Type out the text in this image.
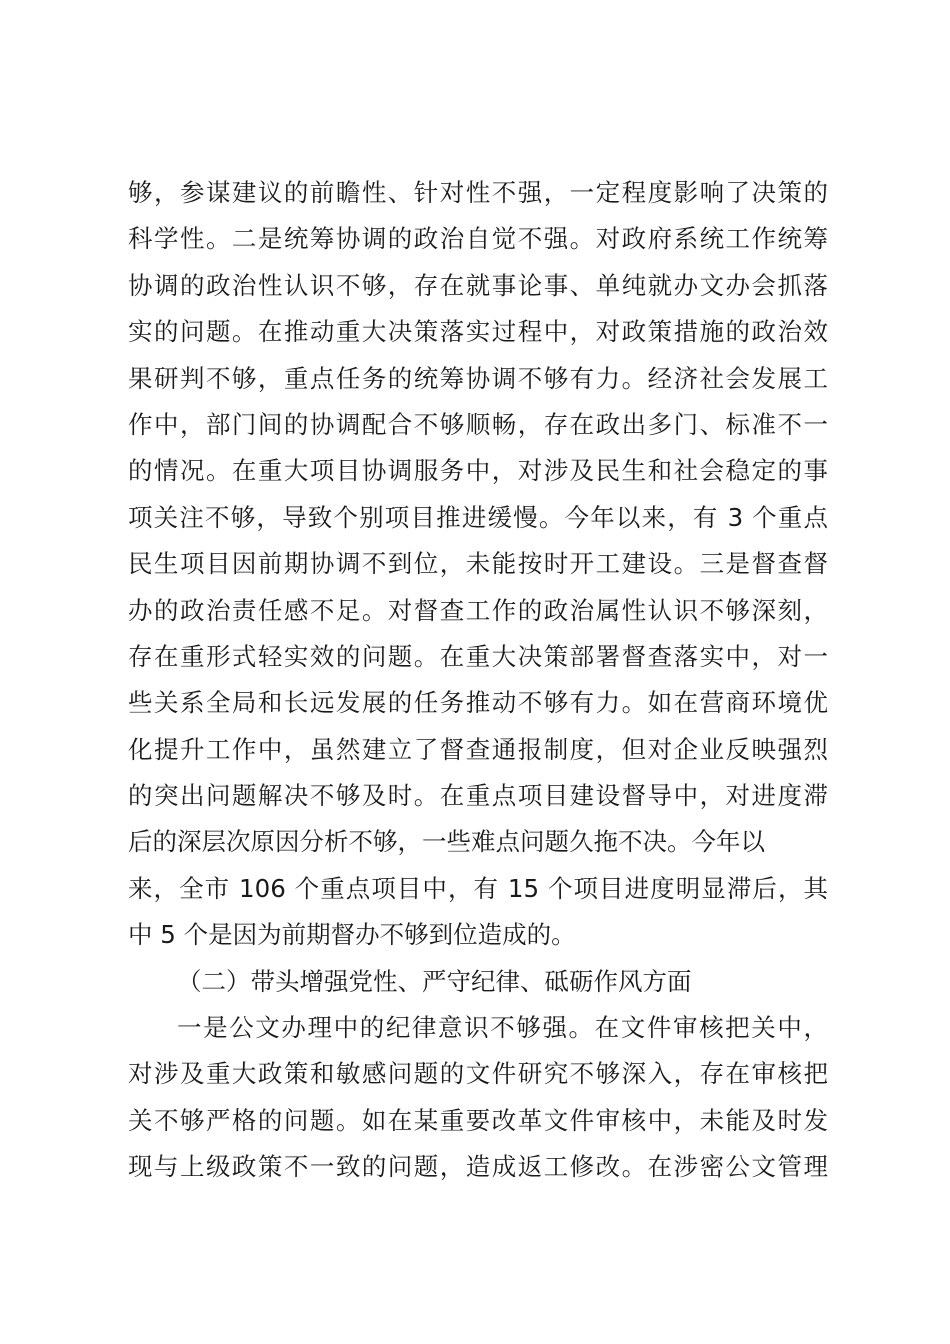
够，参谋建议的前瞻性、针对性不强，一定程度影响了决策的
科学性。二是统筹协调的政治自觉不强。对政府系统工作统筹
协调的政治性认识不够，存在就事论事、单纯就办文办会抓落
实的问题。在推动重大决策落实过程中，对政策措施的政治效
果研判不够，重点任务的统筹协调不够有力。经济社会发展工
作中，部门间的协调配合不够顺畅，存在政出多门、标准不一
的情况。在重大项目协调服务中，对涉及民生和社会稳定的事
项关注不够，导致个别项目推进缓慢。今年以来，有 3 个重点
民生项目因前期协调不到位，未能按时开工建设。三是督查督
办的政治责任感不足。对督查工作的政治属性认识不够深刻，
存在重形式轻实效的问题。在重大决策部署督查落实中，对一
些关系全局和长远发展的任务推动不够有力。如在营商环境优
化提升工作中，虽然建立了督查通报制度，但对企业反映强烈
的突出问题解决不够及时。在重点项目建设督导中，对进度滞
后的深层次原因分析不够，一些难点问题久拖不决。今年以
来，全市 106 个重点项目中，有 15 个项目进度明显滞后，其
中 5 个是因为前期督办不够到位造成的。
（二）带头增强党性、严守纪律、砥砺作风方面
一是公文办理中的纪律意识不够强。在文件审核把关中，
对涉及重大政策和敏感问题的文件研究不够深入，存在审核把
关不够严格的问题。如在某重要改革文件审核中，未能及时发
现与上级政策不一致的问题，造成返工修改。在涉密公文管理
